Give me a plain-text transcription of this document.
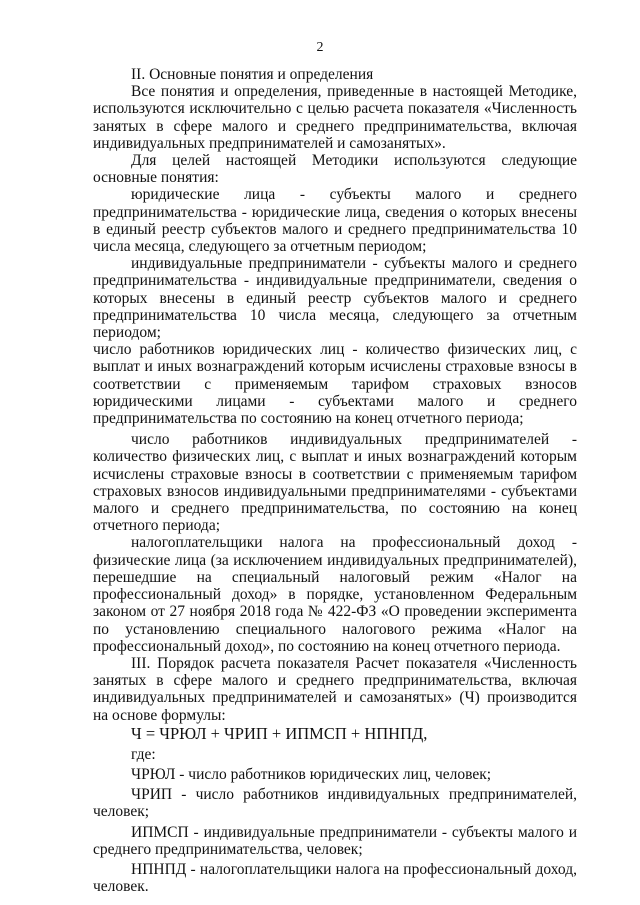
2

II. Основные понятия и определения

Все понятия и определения, приведенные в настоящей Методике, используются исключительно с целью расчета показателя «Численность занятых в сфере малого и среднего предпринимательства, включая индивидуальных предпринимателей и самозанятых».

Для целей настоящей Методики используются следующие основные понятия:

юридические лица - субъекты малого и среднего предпринимательства - юридические лица, сведения о которых внесены в единый реестр субъектов малого и среднего предпринимательства 10 числа месяца, следующего за отчетным периодом;

индивидуальные предприниматели - субъекты малого и среднего предпринимательства - индивидуальные предприниматели, сведения о которых внесены в единый реестр субъектов малого и среднего предпринимательства 10 числа месяца, следующего за отчетным периодом;

число работников юридических лиц - количество физических лиц, с выплат и иных вознаграждений которым исчислены страховые взносы в соответствии с применяемым тарифом страховых взносов юридическими лицами - субъектами малого и среднего предпринимательства по состоянию на конец отчетного периода;

число работников индивидуальных предпринимателей - количество физических лиц, с выплат и иных вознаграждений которым исчислены страховые взносы в соответствии с применяемым тарифом страховых взносов индивидуальными предпринимателями - субъектами малого и среднего предпринимательства, по состоянию на конец отчетного периода;

налогоплательщики налога на профессиональный доход - физические лица (за исключением индивидуальных предпринимателей), перешедшие на специальный налоговый режим «Налог на профессиональный доход» в порядке, установленном Федеральным законом от 27 ноября 2018 года № 422-ФЗ «О проведении эксперимента по установлению специального налогового режима «Налог на профессиональный доход», по состоянию на конец отчетного периода.

III. Порядок расчета показателя Расчет показателя «Численность занятых в сфере малого и среднего предпринимательства, включая индивидуальных предпринимателей и самозанятых» (Ч) производится на основе формулы:

Ч = ЧРЮЛ + ЧРИП + ИПМСП + НПНПД,

где:

ЧРЮЛ - число работников юридических лиц, человек;

ЧРИП - число работников индивидуальных предпринимателей, человек;

ИПМСП - индивидуальные предприниматели - субъекты малого и среднего предпринимательства, человек;

НПНПД - налогоплательщики налога на профессиональный доход, человек.
